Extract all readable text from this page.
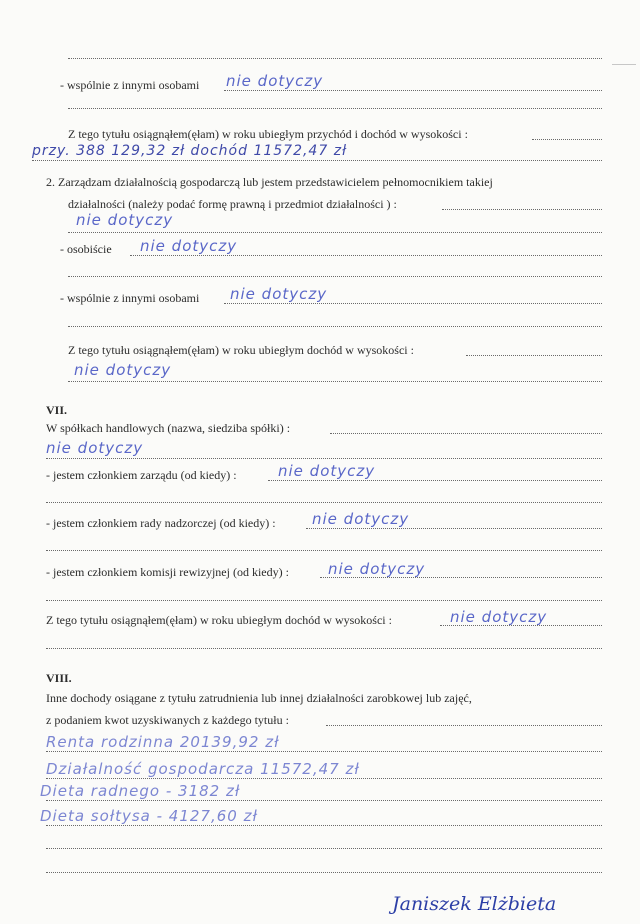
- wspólnie z innymi osobami nie dotyczy
Z tego tytułu osiągnąłem(ęłam) w roku ubiegłym przychód i dochód w wysokości :
przy. 388 129,32 zł dochód 11572,47 zł
2. Zarządzam działalnością gospodarczą lub jestem przedstawicielem pełnomocnikiem takiej
działalności (należy podać formę prawną i przedmiot działalności ) :
nie dotyczy
- osobiście nie dotyczy
- wspólnie z innymi osobami nie dotyczy
Z tego tytułu osiągnąłem(ęłam) w roku ubiegłym dochód w wysokości :
nie dotyczy
VII.
W spółkach handlowych (nazwa, siedziba spółki) :
nie dotyczy
- jestem członkiem zarządu (od kiedy) :	nie dotyczy
- jestem członkiem rady nadzorczej (od kiedy) : nie dotyczy
- jestem członkiem komisji rewizyjnej (od kiedy) :	nie dotyczy
Z tego tytułu osiągnąłem(ęłam) w roku ubiegłym dochód w wysokości :	nie dotyczy
VIII.
Inne dochody osiągane z tytułu zatrudnienia lub innej działalności zarobkowej lub zajęć,
z podaniem kwot uzyskiwanych z każdego tytułu :
Renta rodzinna 20139,92 zł
Działalność gospodarcza 11572,47 zł
Dieta radnego - 3182 zł
Dieta sołtysa - 4127,60 zł
Janiszek Elżbieta
